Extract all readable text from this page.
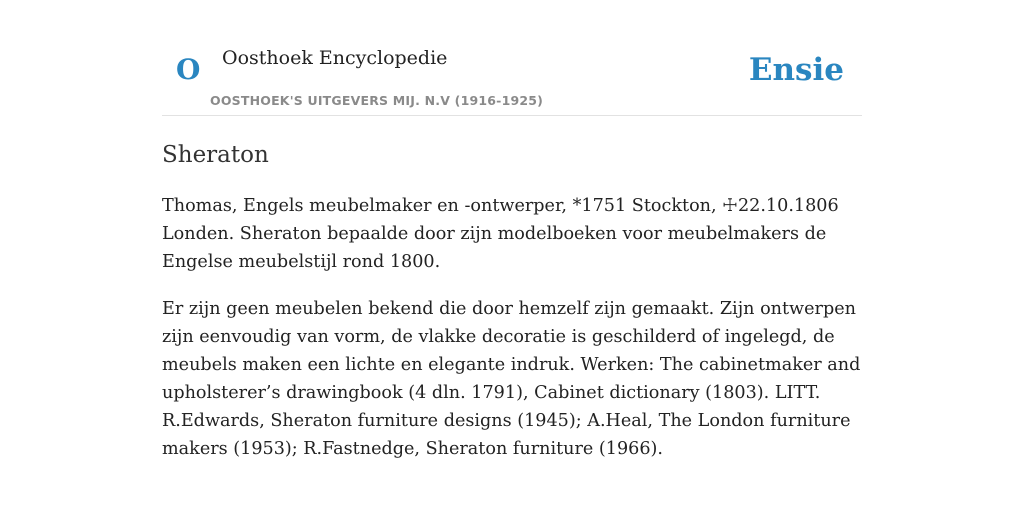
O Oosthoek Encyclopedie
OOSTHOEK'S UITGEVERS MIJ. N.V (1916-1925)
Ensie
Sheraton

Thomas, Engels meubelmaker en -ontwerper, *1751 Stockton, ☩22.10.1806 Londen. Sheraton bepaalde door zijn modelboeken voor meubelmakers de Engelse meubelstijl rond 1800.

Er zijn geen meubelen bekend die door hemzelf zijn gemaakt. Zijn ontwerpen zijn eenvoudig van vorm, de vlakke decoratie is geschilderd of ingelegd, de meubels maken een lichte en elegante indruk. Werken: The cabinetmaker and upholsterer’s drawingbook (4 dln. 1791), Cabinet dictionary (1803). LITT. R.Edwards, Sheraton furniture designs (1945); A.Heal, The London furniture makers (1953); R.Fastnedge, Sheraton furniture (1966).
